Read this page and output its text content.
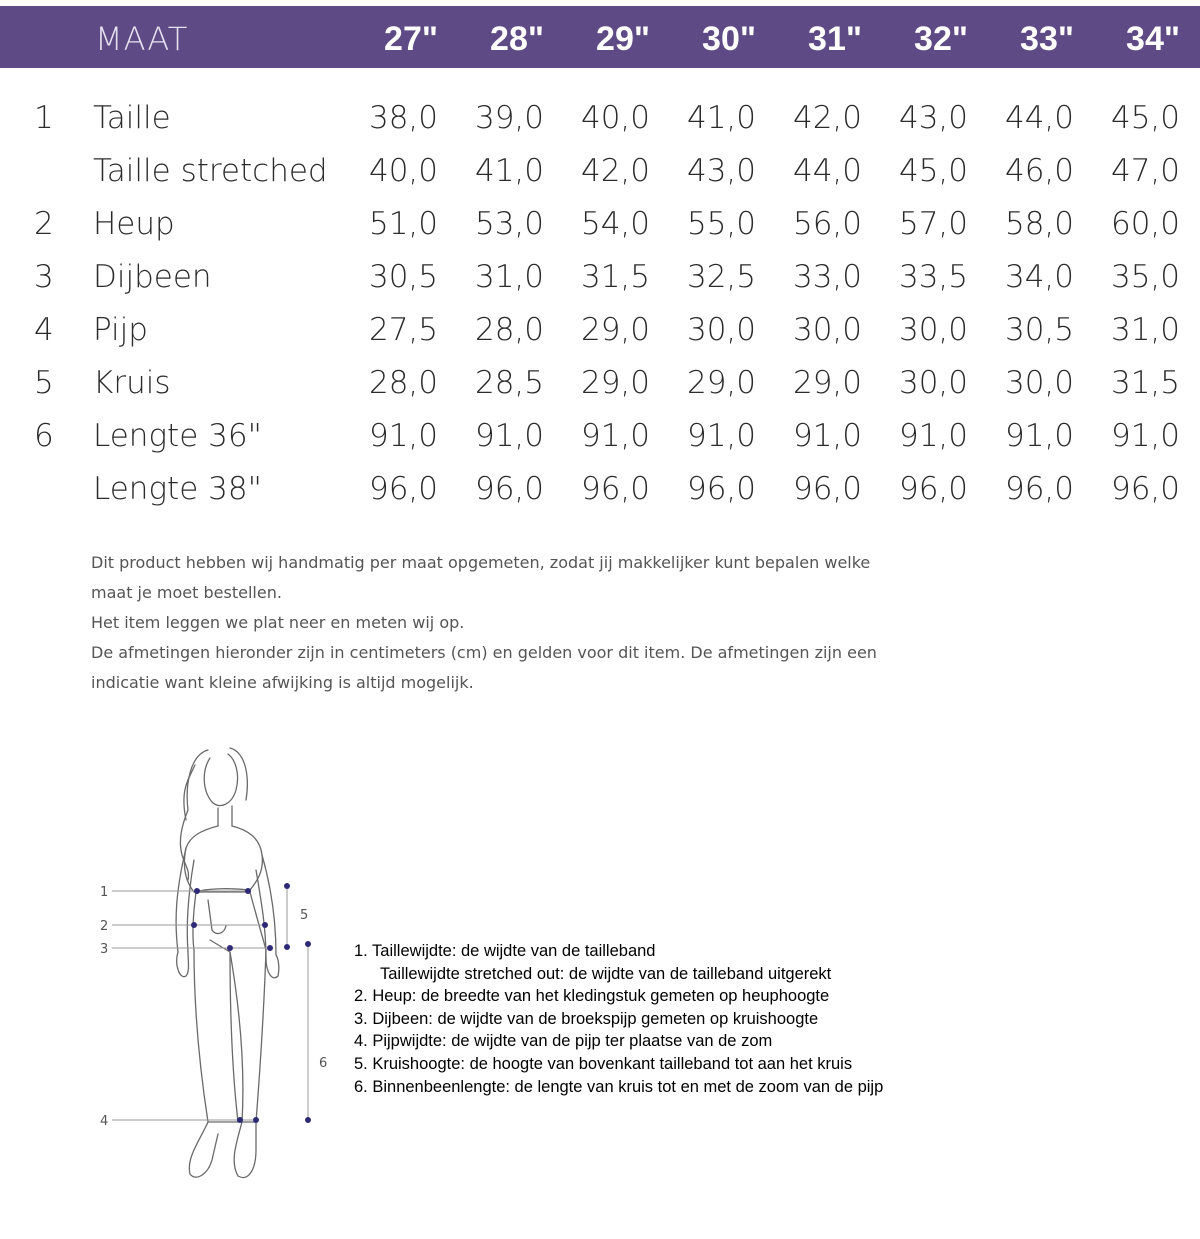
MAAT	27"	28"	29"	30"	31"	32"	33"	34"
1 Taille	38,0	39,0	40,0	41,0	42,0	43,0	44,0	45,0
Taille stretched	40,0	41,0	42,0	43,0	44,0	45,0	46,0	47,0
2 Heup	51,0	53,0	54,0	55,0	56,0	57,0	58,0	60,0
3 Dijbeen	30,5	31,0	31,5	32,5	33,0	33,5	34,0	35,0
4 Pijp	27,5	28,0	29,0	30,0	30,0	30,0	30,5	31,0
5 Kruis	28,0	28,5	29,0	29,0	29,0	30,0	30,0	31,5
6 Lengte 36"	91,0	91,0	91,0	91,0	91,0	91,0	91,0	91,0
Lengte 38"	96,0	96,0	96,0	96,0	96,0	96,0	96,0	96,0

Dit product hebben wij handmatig per maat opgemeten, zodat jij makkelijker kunt bepalen welke

maat je moet bestellen.

Het item leggen we plat neer en meten wij op.

De afmetingen hieronder zijn in centimeters (cm) en gelden voor dit item. De afmetingen zijn een

indicatie want kleine afwijking is altijd mogelijk.

1
2
3
4
5
6
1. Taillewijdte: de wijdte van de tailleband
Taillewijdte stretched out: de wijdte van de tailleband uitgerekt
2. Heup: de breedte van het kledingstuk gemeten op heuphoogte
3. Dijbeen: de wijdte van de broekspijp gemeten op kruishoogte
4. Pijpwijdte: de wijdte van de pijp ter plaatse van de zom
5. Kruishoogte: de hoogte van bovenkant tailleband tot aan het kruis
6. Binnenbeenlengte: de lengte van kruis tot en met de zoom van de pijp
